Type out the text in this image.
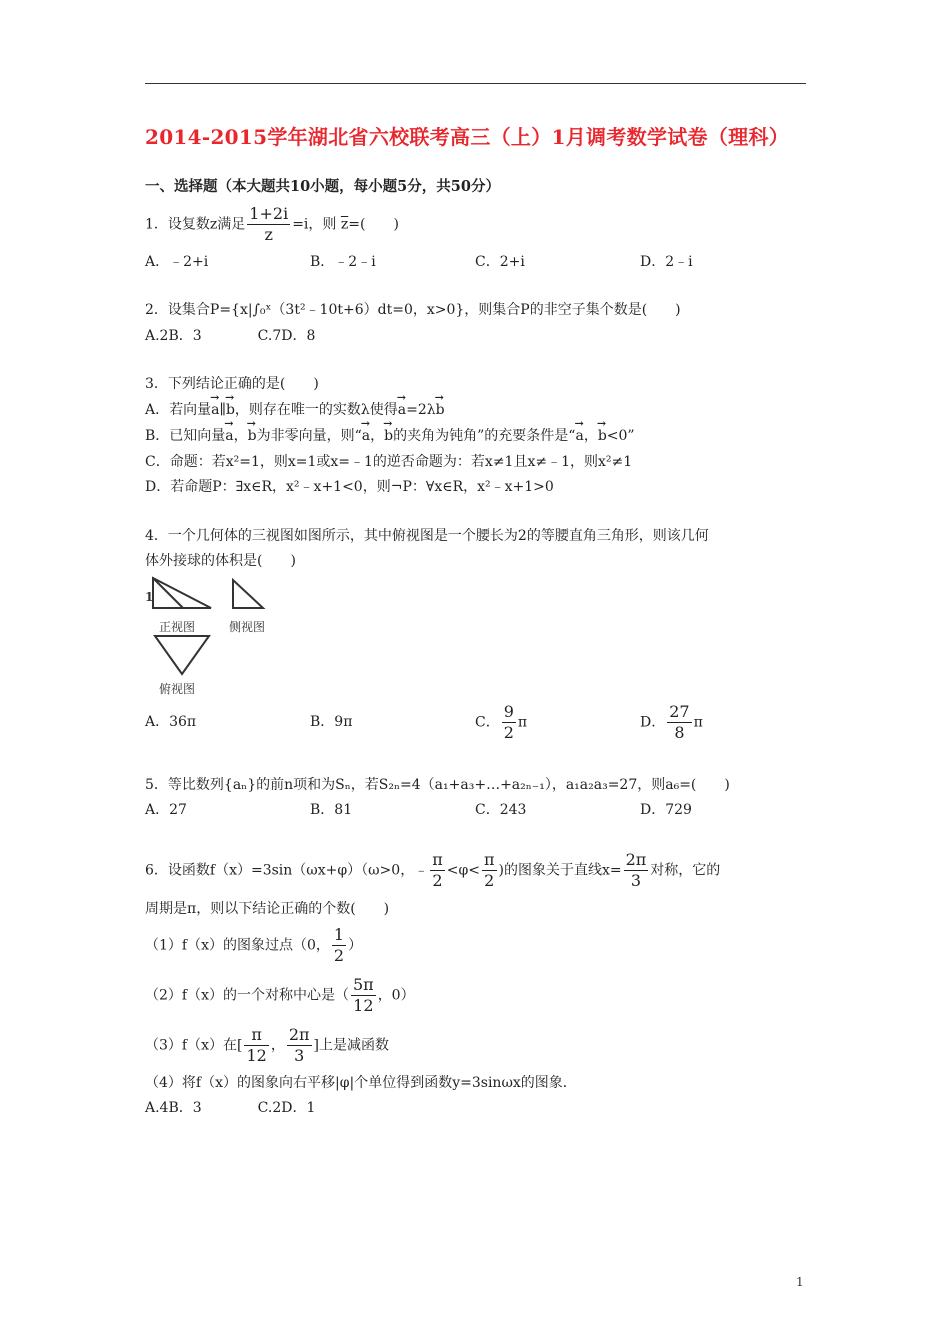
2014-2015学年湖北省六校联考高三（上）1月调考数学试卷（理科）
一、选择题（本大题共10小题，每小题5分，共50分）
1．设复数z满足 $\frac{1+2i}{z} =i$，则 $\overline{z}=$(　　)
A．﹣2+i	B．﹣2﹣i	C．2+i	D．2﹣i
2．设集合P={x|∫₀ˣ（3t²﹣10t+6）dt=0，x>0}，则集合P的非空子集个数是(　　)
A.2B．3　　　　C.7D．8
3．下列结论正确的是(　　)
A．若向量→ a∥→ b，则存在唯一的实数λ使得→ a=2λ→ b
B．已知向量→ a，→ b为非零向量，则“→ a，→ b的夹角为钝角”的充要条件是“→ a，→ b<0”
C．命题：若x²=1，则x=1或x=﹣1的逆否命题为：若x≠1且x≠﹣1，则x²≠1
D．若命题P：∃x∈R，x²﹣x+1<0，则¬P：∀x∈R，x²﹣x+1>0
4．一个几何体的三视图如图所示，其中俯视图是一个腰长为2的等腰直角三角形，则该几何
体外接球的体积是(　　)
1
正视图	侧视图
俯视图
A．36π	B．9π	C． $\frac{9}{2}$ π	D． $\frac{27}{8}$ π
5．等比数列{aₙ}的前n项和为Sₙ，若S₂ₙ=4（a₁+a₃+…+a₂ₙ₋₁），a₁a₂a₃=27，则a₆=(　　)
A．27	B．81	C．243	D．729
6．设函数f（x）=3sin（ωx+φ）（ω>0，﹣ $\frac{\pi}{2} <\varphi< \frac{\pi}{2}$ )的图象关于直线$x= \frac{2\pi}{3}$ 对称，它的
周期是π，则以下结论正确的个数(　　)
（1）f（x）的图象过点（0， $\frac{1}{2}$ ）
（2）f（x）的一个对称中心是（ $\frac{5\pi}{12}$ ，0）
（3）f（x）在[ $\frac{\pi}{12}$ ， $\frac{2\pi}{3}$ ]上是减函数
（4）将f（x）的图象向右平移|φ|个单位得到函数y=3sinωx的图象．
A.4B．3　　　　C.2D．1
1
